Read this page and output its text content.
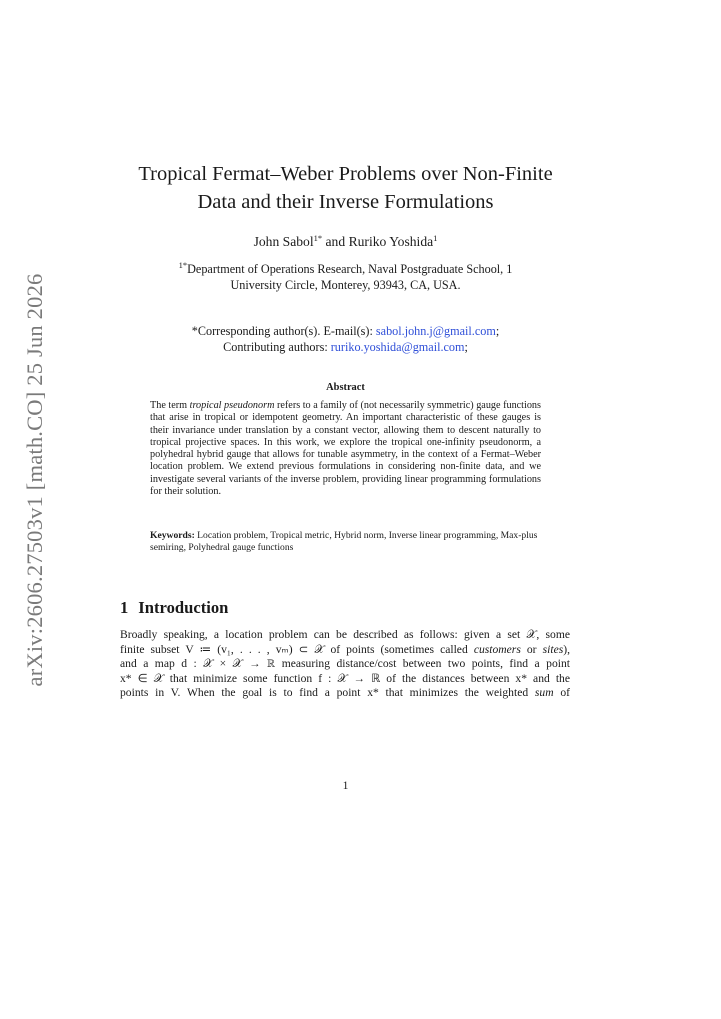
arXiv:2606.27503v1 [math.CO] 25 Jun 2026
Tropical Fermat–Weber Problems over Non-Finite
Data and their Inverse Formulations
John Sabol$^{1*}$ and Ruriko Yoshida$^1$
$^{1*}$Department of Operations Research, Naval Postgraduate School, 1
University Circle, Monterey, 93943, CA, USA.
*Corresponding author(s). E-mail(s): sabol.john.j@gmail.com;
Contributing authors: ruriko.yoshida@gmail.com;
Abstract

The term tropical pseudonorm refers to a family of (not necessarily symmetric) gauge functions that arise in tropical or idempotent geometry. An important characteristic of these gauges is their invariance under translation by a constant vector, allowing them to descent naturally to tropical projective spaces. In this work, we explore the tropical one-infinity pseudonorm, a polyhedral hybrid gauge that allows for tunable asymmetry, in the context of a Fermat–Weber location problem. We extend previous formulations in considering non-finite data, and we investigate several variants of the inverse problem, providing linear programming formulations for their solution.

Keywords: Location problem, Tropical metric, Hybrid norm, Inverse linear programming, Max-plus semiring, Polyhedral gauge functions

1 Introduction

Broadly speaking, a location problem can be described as follows: given a set 𝒳, some
finite subset V ≔ (v₁, . . . , vₘ) ⊂ 𝒳 of points (sometimes called customers or sites),
and a map d : 𝒳 × 𝒳 → ℝ measuring distance/cost between two points, find a point
x* ∈ 𝒳 that minimize some function f : 𝒳 → ℝ of the distances between x* and the
points in V. When the goal is to find a point x* that minimizes the weighted sum of

1
